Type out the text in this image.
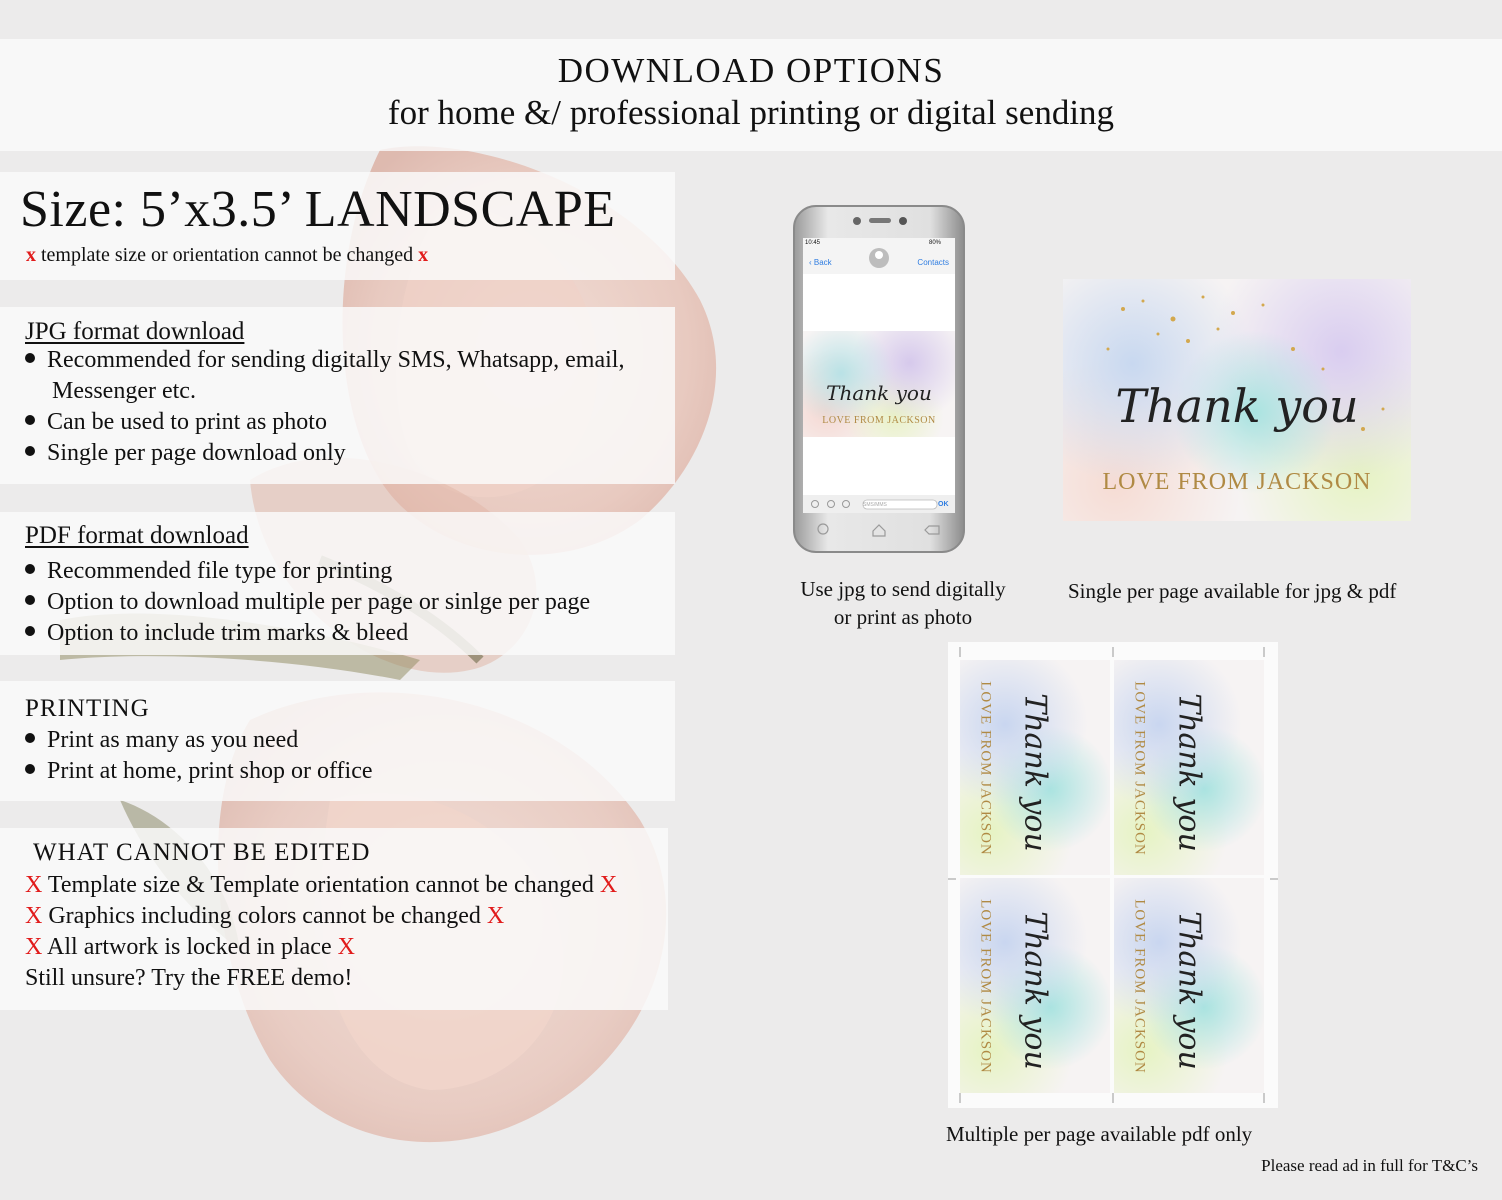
DOWNLOAD OPTIONS
for home &/ professional printing or digital sending
Size: 5’x3.5’ LANDSCAPE
x template size or orientation cannot be changed x
JPG format download
Recommended for sending digitally SMS, Whatsapp, email,
Messenger etc.
Can be used to print as photo
Single per page download only
PDF format download
Recommended file type for printing
Option to download multiple per page or sinlge per page
Option to include trim marks & bleed
PRINTING
Print as many as you need
Print at home, print shop or office
WHAT CANNOT BE EDITED
X Template size & Template orientation cannot be changed X
X Graphics including colors cannot be changed X
X All artwork is locked in place X
Still unsure? Try the FREE demo!
10:45	80%
‹ Back	Contacts
SMS/MMS	OK
Thank you
LOVE FROM JACKSON
Use jpg to send digitally
or print as photo
Thank you
LOVE FROM JACKSON
Single per page available for jpg & pdf
Thank you
LOVE FROM JACKSON	Thank you
LOVE FROM JACKSON
Thank you
LOVE FROM JACKSON	Thank you
LOVE FROM JACKSON
Multiple per page available pdf only
Please read ad in full for T&C’s
